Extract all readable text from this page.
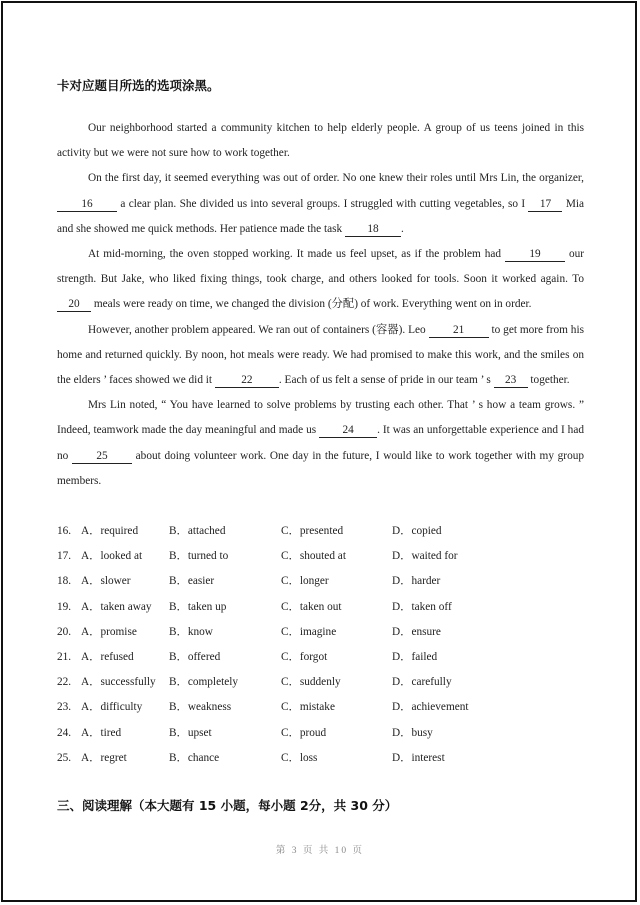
卡对应题目所选的选项涂黑。

Our neighborhood started a community kitchen to help elderly people. A group of us teens joined in this activity but we were not sure how to work together.

On the first day, it seemed everything was out of order. No one knew their roles until Mrs Lin, the organizer, 16 a clear plan. She divided us into several groups. I struggled with cutting vegetables, so I 17 Mia and she showed me quick methods. Her patience made the task 18 .

At mid-morning, the oven stopped working. It made us feel upset, as if the problem had	19	our strength. But Jake, who liked fixing things, took charge, and others looked for tools. Soon it worked again. To 20 meals were ready on time, we changed the division (分配) of work. Everything went on in order.

However, another problem appeared. We ran out of containers (容器). Leo 21 to get more from his home and returned quickly. By noon, hot meals were ready. We had promised to make this work, and the smiles on the elders ’ faces showed we did it	22 . Each of us felt a sense of pride in our team ’ s 23 together.

Mrs Lin noted, “ You have learned to solve problems by trusting each other. That ’ s how a team grows. ” Indeed, teamwork made the day meaningful and made us 24 . It was an unforgettable experience and I had no 25 about doing volunteer work. One day in the future, I would like to work together with my group members.

16. A．required	B．attached	C．presented	D．copied
17. A．looked at B．turned to	C．shouted at	D．waited for
18. A．slower	B．easier	C．longer	D．harder
19. A．taken away B．taken up	C．taken out	D．taken off
20. A．promise	B．know	C．imagine	D．ensure
21. A．refused	B．offered	C．forgot	D．failed
22. A．successfully B．completely	C．suddenly	D．carefully
23. A．difficulty B．weakness	C．mistake	D．achievement
24. A．tired	B．upset	C．proud	D．busy
25. A．regret	B．chance	C．loss	D．interest
三、阅读理解（本大题有 15 小题，每小题 2分，共 30 分）
第 3 页 共 10 页
